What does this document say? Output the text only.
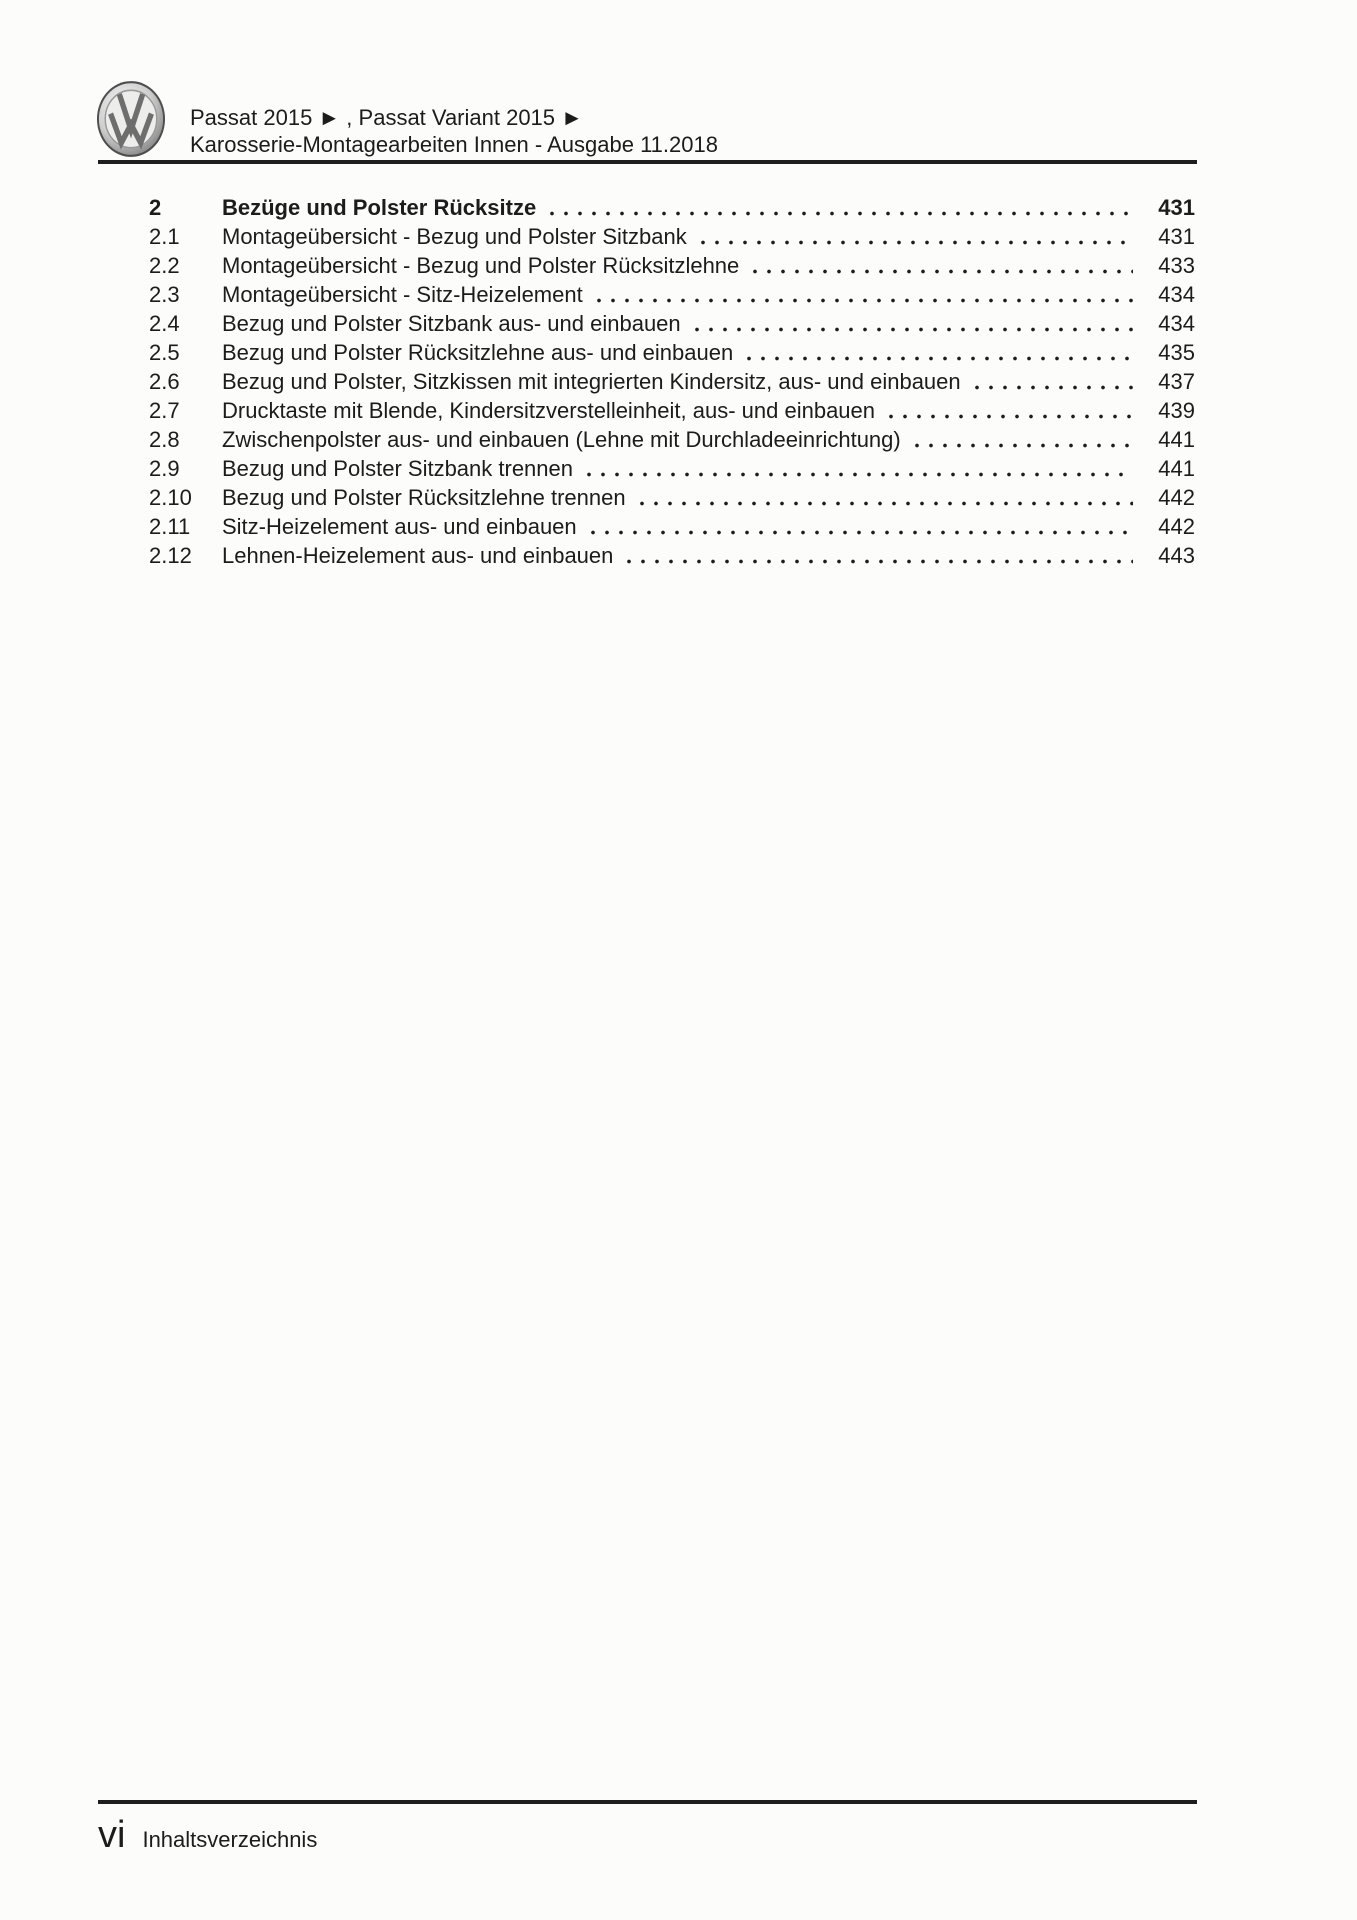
Passat 2015 ► , Passat Variant 2015 ►
Karosserie-Montagearbeiten Innen - Ausgabe 11.2018
2	Bezüge und Polster Rücksitze	431
2.1	Montageübersicht - Bezug und Polster Sitzbank	431
2.2	Montageübersicht - Bezug und Polster Rücksitzlehne	433
2.3	Montageübersicht - Sitz-Heizelement	434
2.4	Bezug und Polster Sitzbank aus- und einbauen	434
2.5	Bezug und Polster Rücksitzlehne aus- und einbauen	435
2.6	Bezug und Polster, Sitzkissen mit integrierten Kindersitz, aus- und einbauen	437
2.7	Drucktaste mit Blende, Kindersitzverstelleinheit, aus- und einbauen	439
2.8	Zwischenpolster aus- und einbauen (Lehne mit Durchladeeinrichtung)	441
2.9	Bezug und Polster Sitzbank trennen	441
2.10	Bezug und Polster Rücksitzlehne trennen	442
2.11	Sitz-Heizelement aus- und einbauen	442
2.12	Lehnen-Heizelement aus- und einbauen	443
vi Inhaltsverzeichnis
